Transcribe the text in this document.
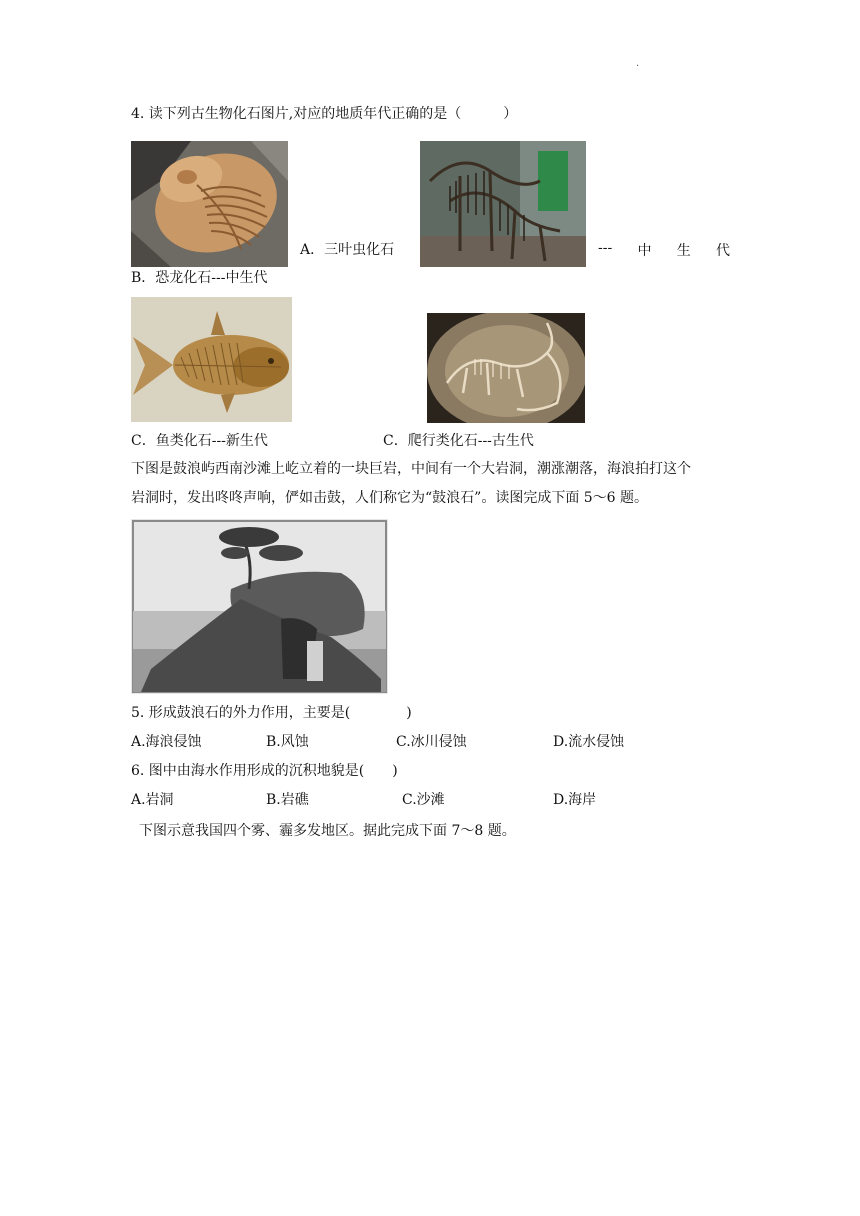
.
4. 读下列古生物化石图片,对应的地质年代正确的是（　　　）
A．三叶虫化石	--- 中 生 代
B．恐龙化石---中生代
C．鱼类化石---新生代	C．爬行类化石---古生代
下图是鼓浪屿西南沙滩上屹立着的一块巨岩，中间有一个大岩洞，潮涨潮落，海浪拍打这个
岩洞时，发出咚咚声响，俨如击鼓，人们称它为“鼓浪石”。读图完成下面 5～6 题。
5. 形成鼓浪石的外力作用，主要是(　　　　)
A.海浪侵蚀	B.风蚀	C.冰川侵蚀	D.流水侵蚀
6. 图中由海水作用形成的沉积地貌是(　　)
A.岩洞	B.岩礁	C.沙滩	D.海岸
下图示意我国四个雾、霾多发地区。据此完成下面 7～8 题。
